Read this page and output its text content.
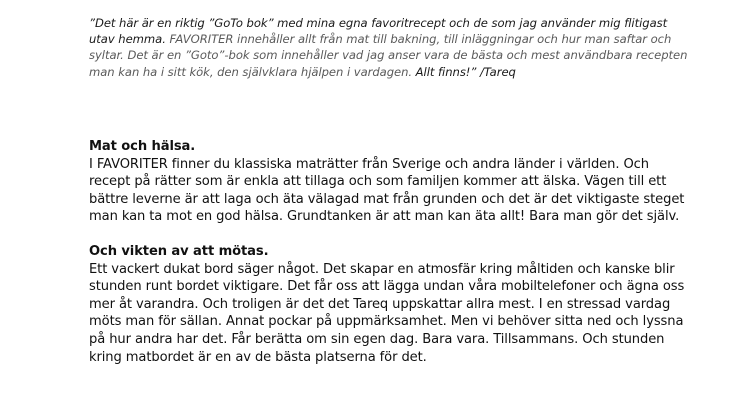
”Det här är en riktig ”GoTo bok” med mina egna favoritrecept och de som jag använder mig flitigast utav hemma. FAVORITER innehåller allt från mat till bakning, till inläggningar och hur man saftar och syltar. Det är en ”Goto”-bok som innehåller vad jag anser vara de bästa och mest användbara recepten man kan ha i sitt kök, den självklara hjälpen i vardagen. Allt finns!” /Tareq

Mat och hälsa.

I FAVORITER finner du klassiska maträtter från Sverige och andra länder i världen. Och recept på rätter som är enkla att tillaga och som familjen kommer att älska. Vägen till ett bättre leverne är att laga och äta välagad mat från grunden och det är det viktigaste steget man kan ta mot en god hälsa. Grundtanken är att man kan äta allt! Bara man gör det själv.

Och vikten av att mötas.

Ett vackert dukat bord säger något. Det skapar en atmosfär kring måltiden och kanske blir stunden runt bordet viktigare. Det får oss att lägga undan våra mobiltelefoner och ägna oss mer åt varandra. Och troligen är det det Tareq uppskattar allra mest. I en stressad vardag möts man för sällan. Annat pockar på uppmärksamhet. Men vi behöver sitta ned och lyssna på hur andra har det. Får berätta om sin egen dag. Bara vara. Tillsammans. Och stunden kring matbordet är en av de bästa platserna för det.
